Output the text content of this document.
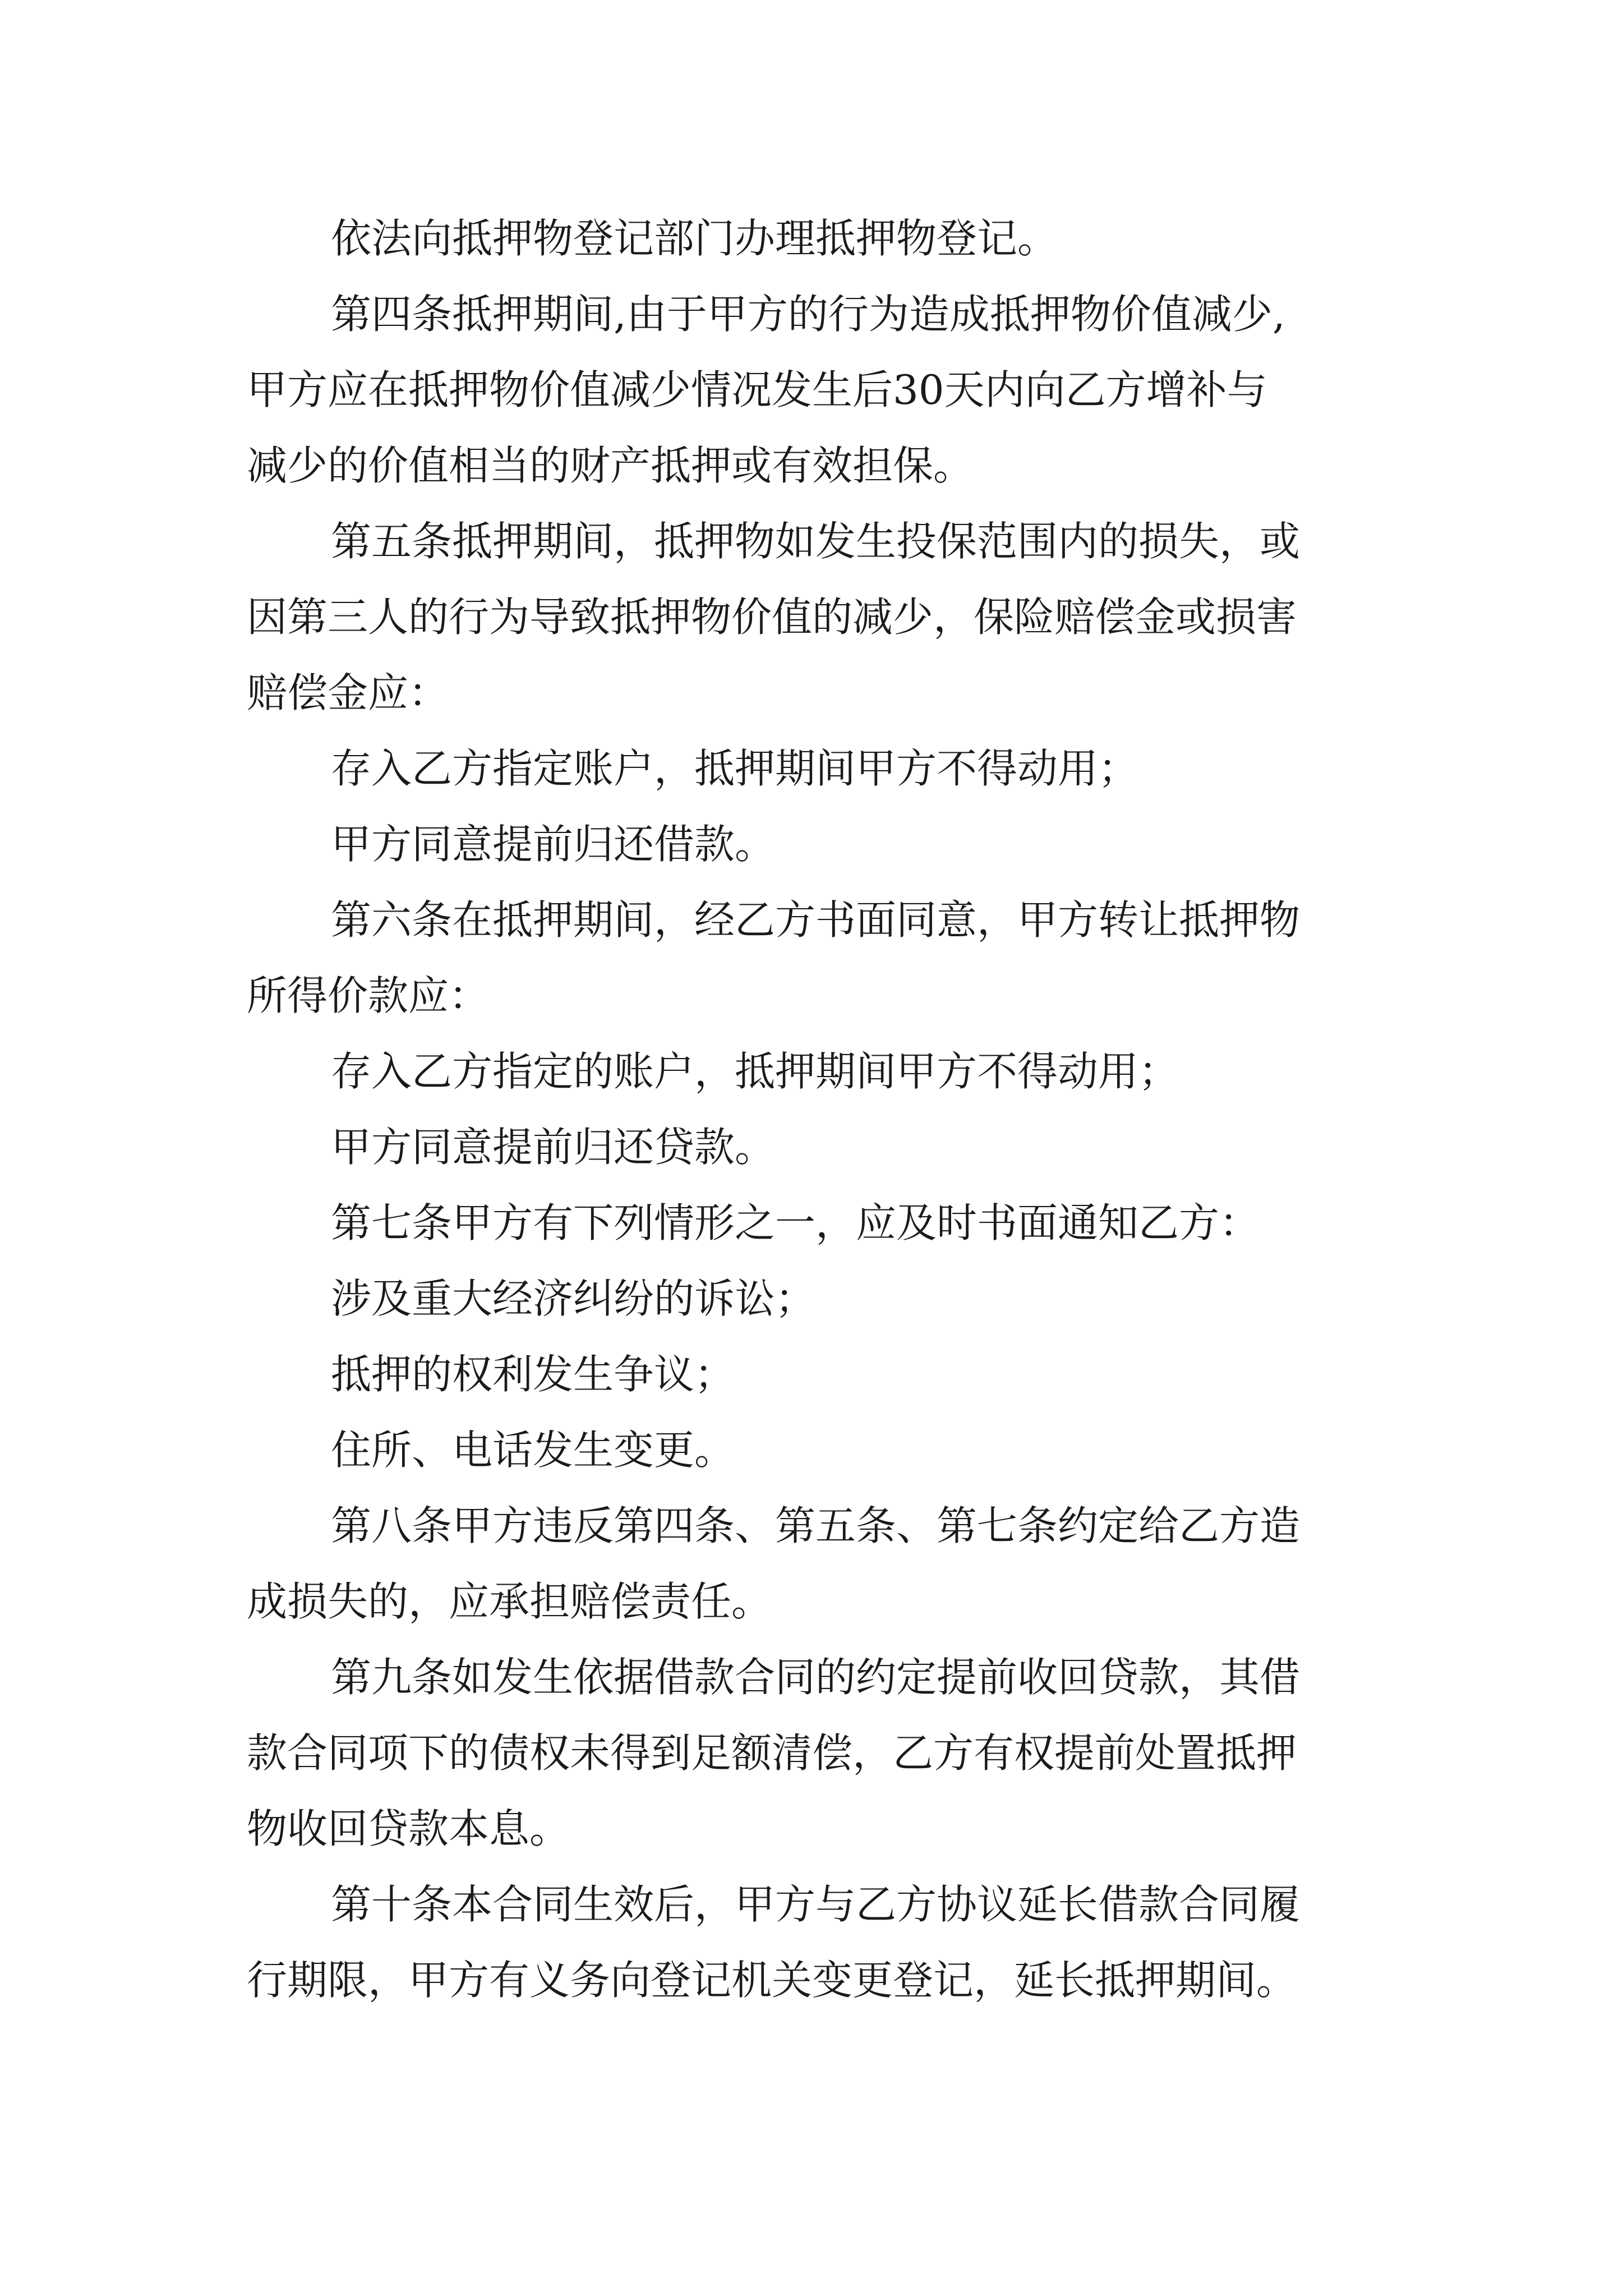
依法向抵押物登记部门办理抵押物登记。
第四条抵押期间,由于甲方的行为造成抵押物价值减少,
甲方应在抵押物价值减少情况发生后30天内向乙方增补与
减少的价值相当的财产抵押或有效担保。
第五条抵押期间，抵押物如发生投保范围内的损失，或
因第三人的行为导致抵押物价值的减少，保险赔偿金或损害
赔偿金应：
存入乙方指定账户，抵押期间甲方不得动用；
甲方同意提前归还借款。
第六条在抵押期间，经乙方书面同意，甲方转让抵押物
所得价款应：
存入乙方指定的账户，抵押期间甲方不得动用；
甲方同意提前归还贷款。
第七条甲方有下列情形之一，应及时书面通知乙方：
涉及重大经济纠纷的诉讼；
抵押的权利发生争议；
住所、电话发生变更。
第八条甲方违反第四条、第五条、第七条约定给乙方造
成损失的，应承担赔偿责任。
第九条如发生依据借款合同的约定提前收回贷款，其借
款合同项下的债权未得到足额清偿，乙方有权提前处置抵押
物收回贷款本息。
第十条本合同生效后，甲方与乙方协议延长借款合同履
行期限，甲方有义务向登记机关变更登记，延长抵押期间。
